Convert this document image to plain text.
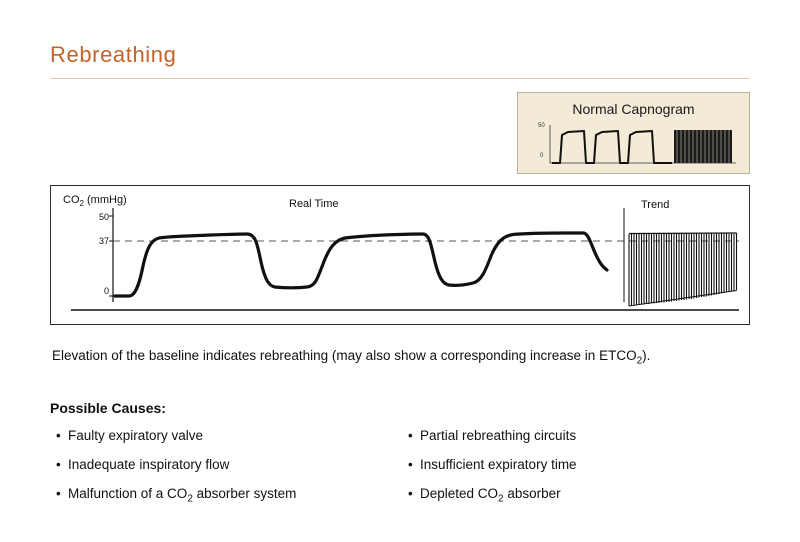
Rebreathing
Normal Capnogram
50
0
$CO_2$ (mmHg)	Real Time	Trend
50
37
0
Elevation of the baseline indicates rebreathing (may also show a corresponding increase in $ETCO_2$).
Possible Causes:
• Faulty expiratory valve
• Inadequate inspiratory flow
• Malfunction of a $CO_2$ absorber system
• Partial rebreathing circuits
• Insufficient expiratory time
• Depleted $CO_2$ absorber
